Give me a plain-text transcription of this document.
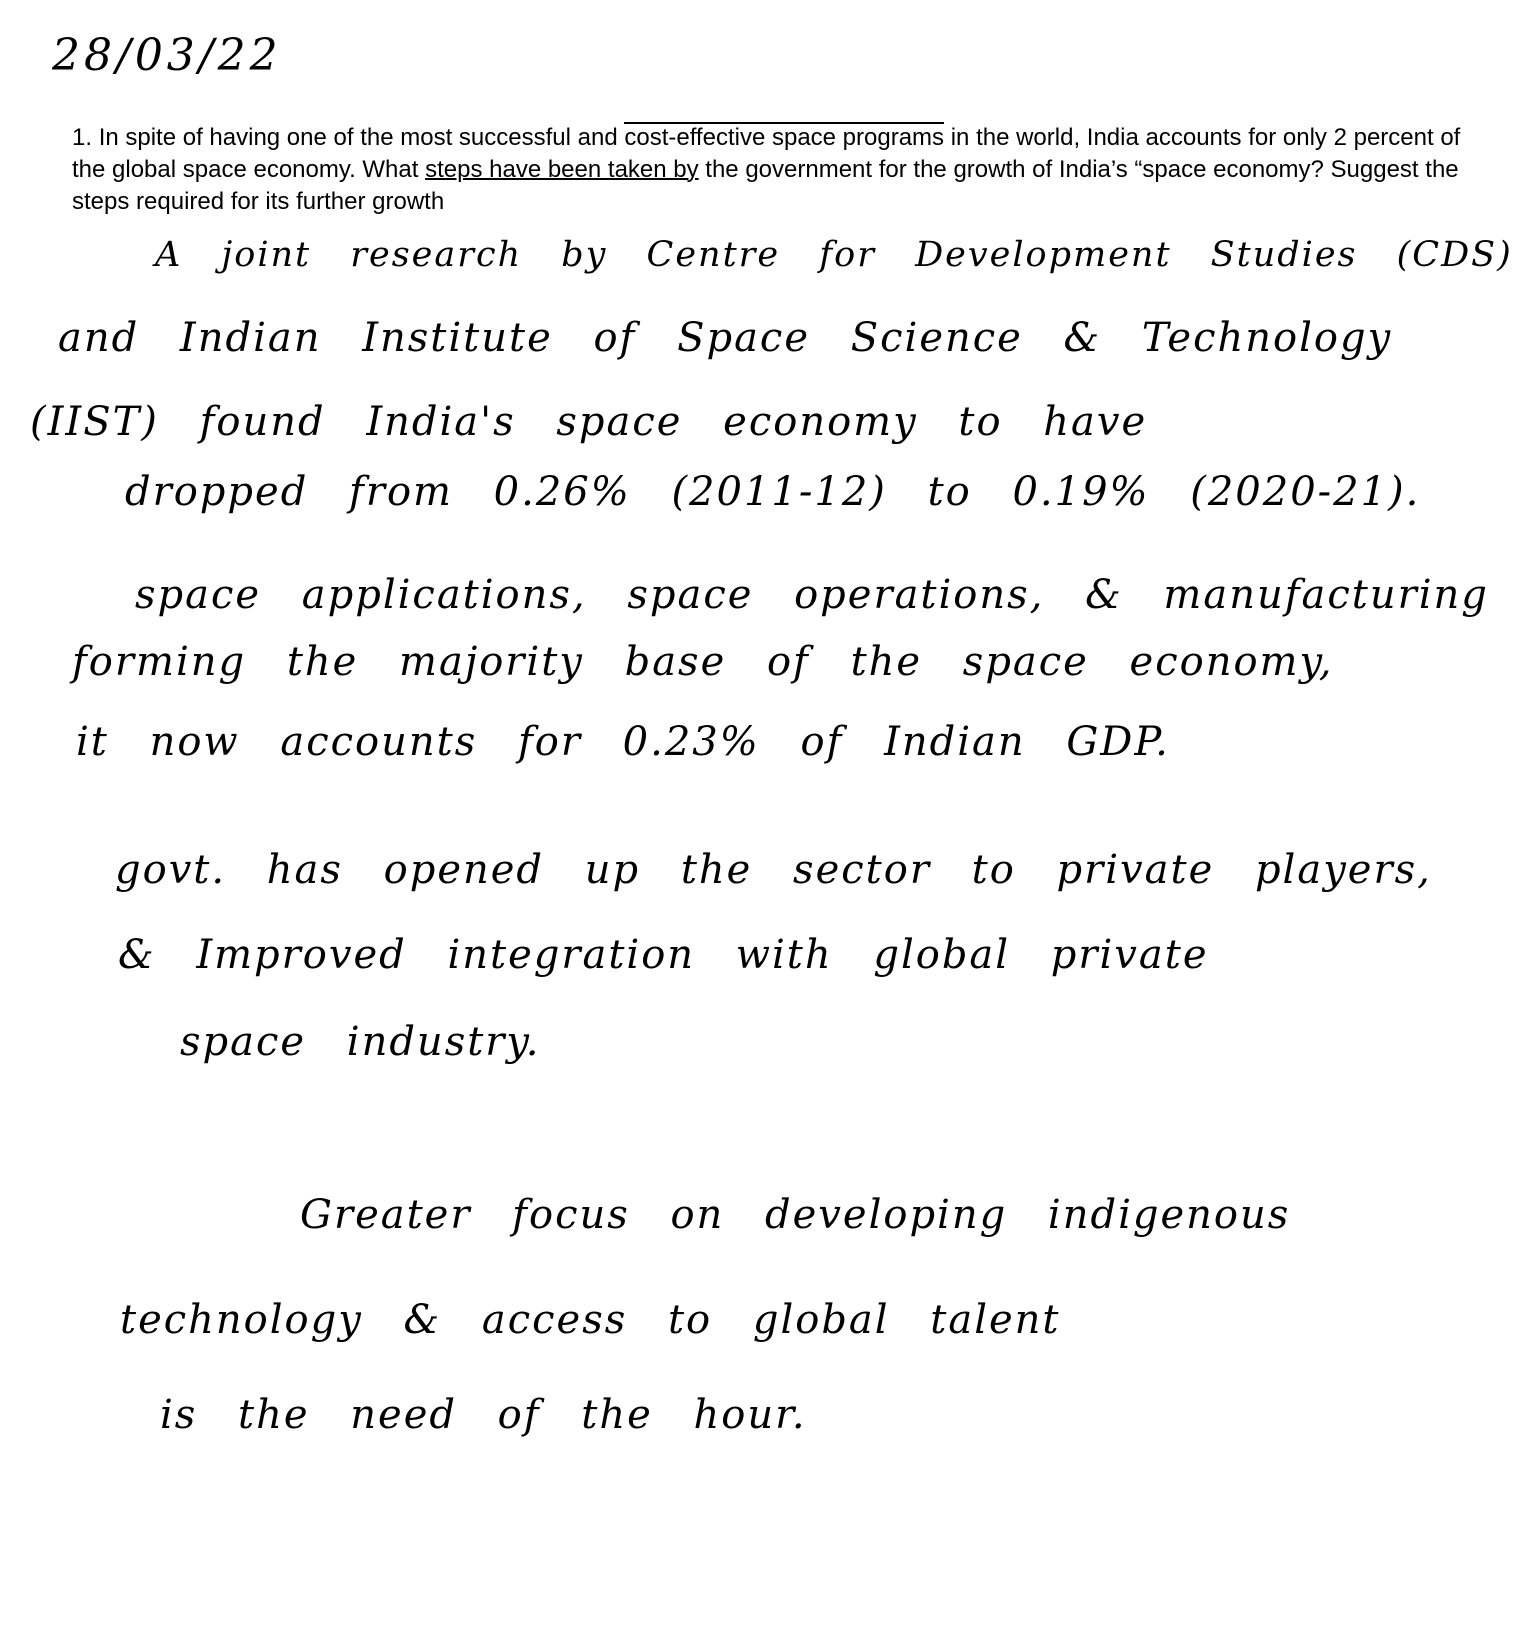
28/03/22
1. In spite of having one of the most successful and cost-effective space programs in the world, India accounts for only 2 percent of the global space economy. What steps have been taken by the government for the growth of India’s “space economy? Suggest the steps required for its further growth
A joint research by Centre for Development Studies (CDS)
and Indian Institute of Space Science & Technology
(IIST) found India's space economy to have
dropped from 0.26% (2011-12) to 0.19% (2020-21).
space applications, space operations, & manufacturing
forming the majority base of the space economy,
it now accounts for 0.23% of Indian GDP.
govt. has opened up the sector to private players,
& Improved integration with global private
space industry.
Greater focus on developing indigenous
technology & access to global talent
is the need of the hour.
